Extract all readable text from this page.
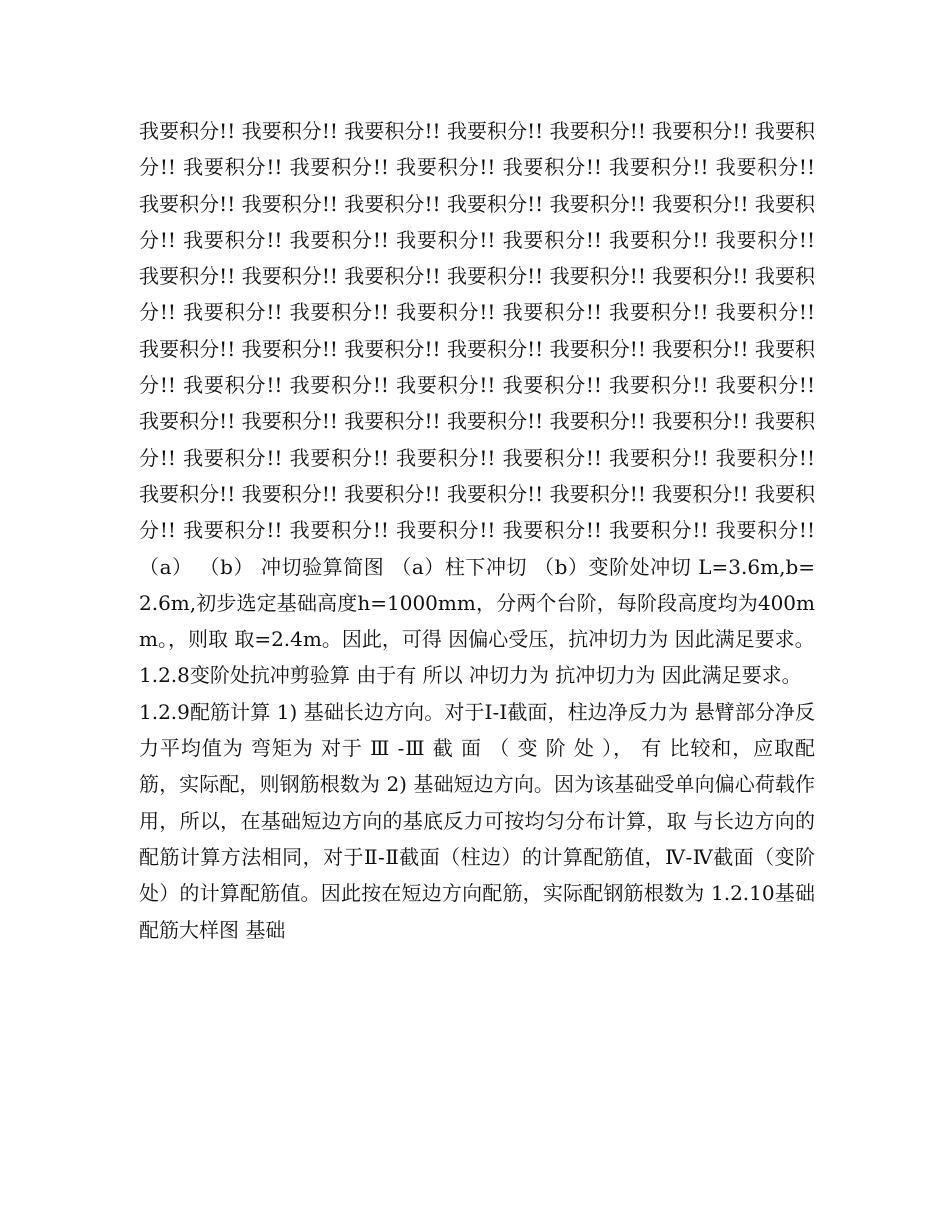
我要积分!! 我要积分!! 我要积分!! 我要积分!! 我要积分!! 我要积分!! 我要积分!! 我要积分!! 我要积分!! 我要积分!! 我要积分!! 我要积分!! 我要积分!! 我要积分!! 我要积分!! 我要积分!! 我要积分!! 我要积分!! 我要积分!! 我要积分!! 我要积分!! 我要积分!! 我要积分!! 我要积分!! 我要积分!! 我要积分!! 我要积分!! 我要积分!! 我要积分!! 我要积分!! 我要积分!! 我要积分!! 我要积分!! 我要积分!! 我要积分!! 我要积分!! 我要积分!! 我要积分!! 我要积分!! 我要积分!! 我要积分!! 我要积分!! 我要积分!! 我要积分!! 我要积分!! 我要积分!! 我要积分!! 我要积分!! 我要积分!! 我要积分!! 我要积分!! 我要积分!! 我要积分!! 我要积分!! 我要积分!! 我要积分!! 我要积分!! 我要积分!! 我要积分!! 我要积分!! 我要积分!! 我要积分!! 我要积分!! 我要积分!! 我要积分!! 我要积分!! 我要积分!! 我要积分!! 我要积分!! 我要积分!! 我要积分!! 我要积分!! 我要积分!! 我要积分!! 我要积分!! 我要积分!! 我要积分!! 我要积分!! （a） （b） 冲切验算简图 （a）柱下冲切 （b）变阶处冲切 L=3.6m,b=2.6m,初步选定基础高度h=1000mm，分两个台阶，每阶段高度均为400mm。，则取 取=2.4m。因此，可得 因偏心受压，抗冲切力为 因此满足要求。

1.2.8变阶处抗冲剪验算 由于有 所以 冲切力为 抗冲切力为 因此满足要求。

1.2.9配筋计算 1) 基础长边方向。对于Ⅰ-Ⅰ截面，柱边净反力为 悬臂部分净反力平均值为 弯矩为 对于 Ⅲ -Ⅲ 截 面 （ 变 阶 处 ）， 有 比较和，应取配筋，实际配，则钢筋根数为 2) 基础短边方向。因为该基础受单向偏心荷载作用，所以，在基础短边方向的基底反力可按均匀分布计算，取 与长边方向的配筋计算方法相同，对于Ⅱ-Ⅱ截面（柱边）的计算配筋值，Ⅳ-Ⅳ截面（变阶处）的计算配筋值。因此按在短边方向配筋，实际配钢筋根数为 1.2.10基础配筋大样图 基础
